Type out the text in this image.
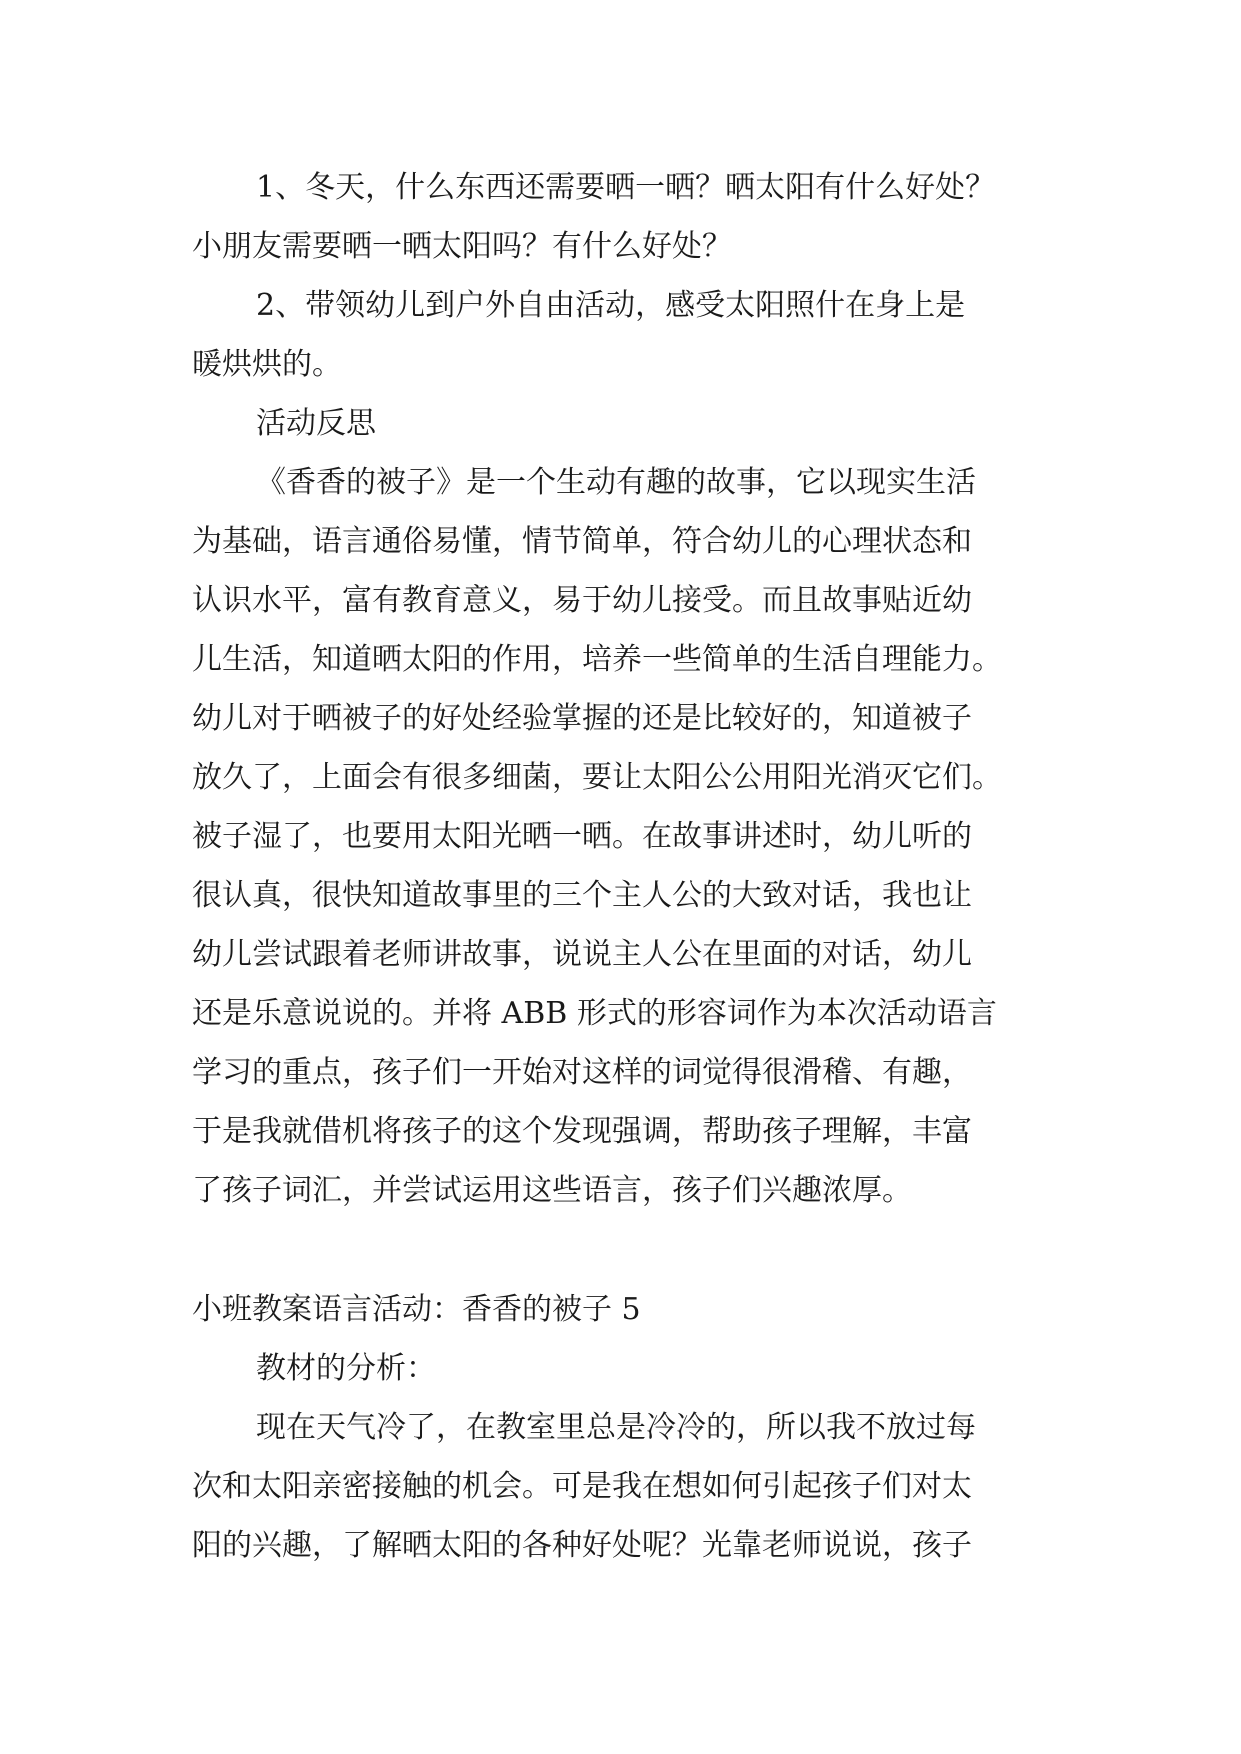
1、冬天，什么东西还需要晒一晒？晒太阳有什么好处？
小朋友需要晒一晒太阳吗？有什么好处？
2、带领幼儿到户外自由活动，感受太阳照什在身上是
暖烘烘的。
活动反思
《香香的被子》是一个生动有趣的故事，它以现实生活
为基础，语言通俗易懂，情节简单，符合幼儿的心理状态和
认识水平，富有教育意义，易于幼儿接受。而且故事贴近幼
儿生活，知道晒太阳的作用，培养一些简单的生活自理能力。
幼儿对于晒被子的好处经验掌握的还是比较好的，知道被子
放久了，上面会有很多细菌，要让太阳公公用阳光消灭它们。
被子湿了，也要用太阳光晒一晒。在故事讲述时，幼儿听的
很认真，很快知道故事里的三个主人公的大致对话，我也让
幼儿尝试跟着老师讲故事，说说主人公在里面的对话，幼儿
还是乐意说说的。并将 ABB 形式的形容词作为本次活动语言
学习的重点，孩子们一开始对这样的词觉得很滑稽、有趣，
于是我就借机将孩子的这个发现强调，帮助孩子理解，丰富
了孩子词汇，并尝试运用这些语言，孩子们兴趣浓厚。
小班教案语言活动：香香的被子 5
教材的分析：
现在天气冷了，在教室里总是冷冷的，所以我不放过每
次和太阳亲密接触的机会。可是我在想如何引起孩子们对太
阳的兴趣，了解晒太阳的各种好处呢？光靠老师说说，孩子
